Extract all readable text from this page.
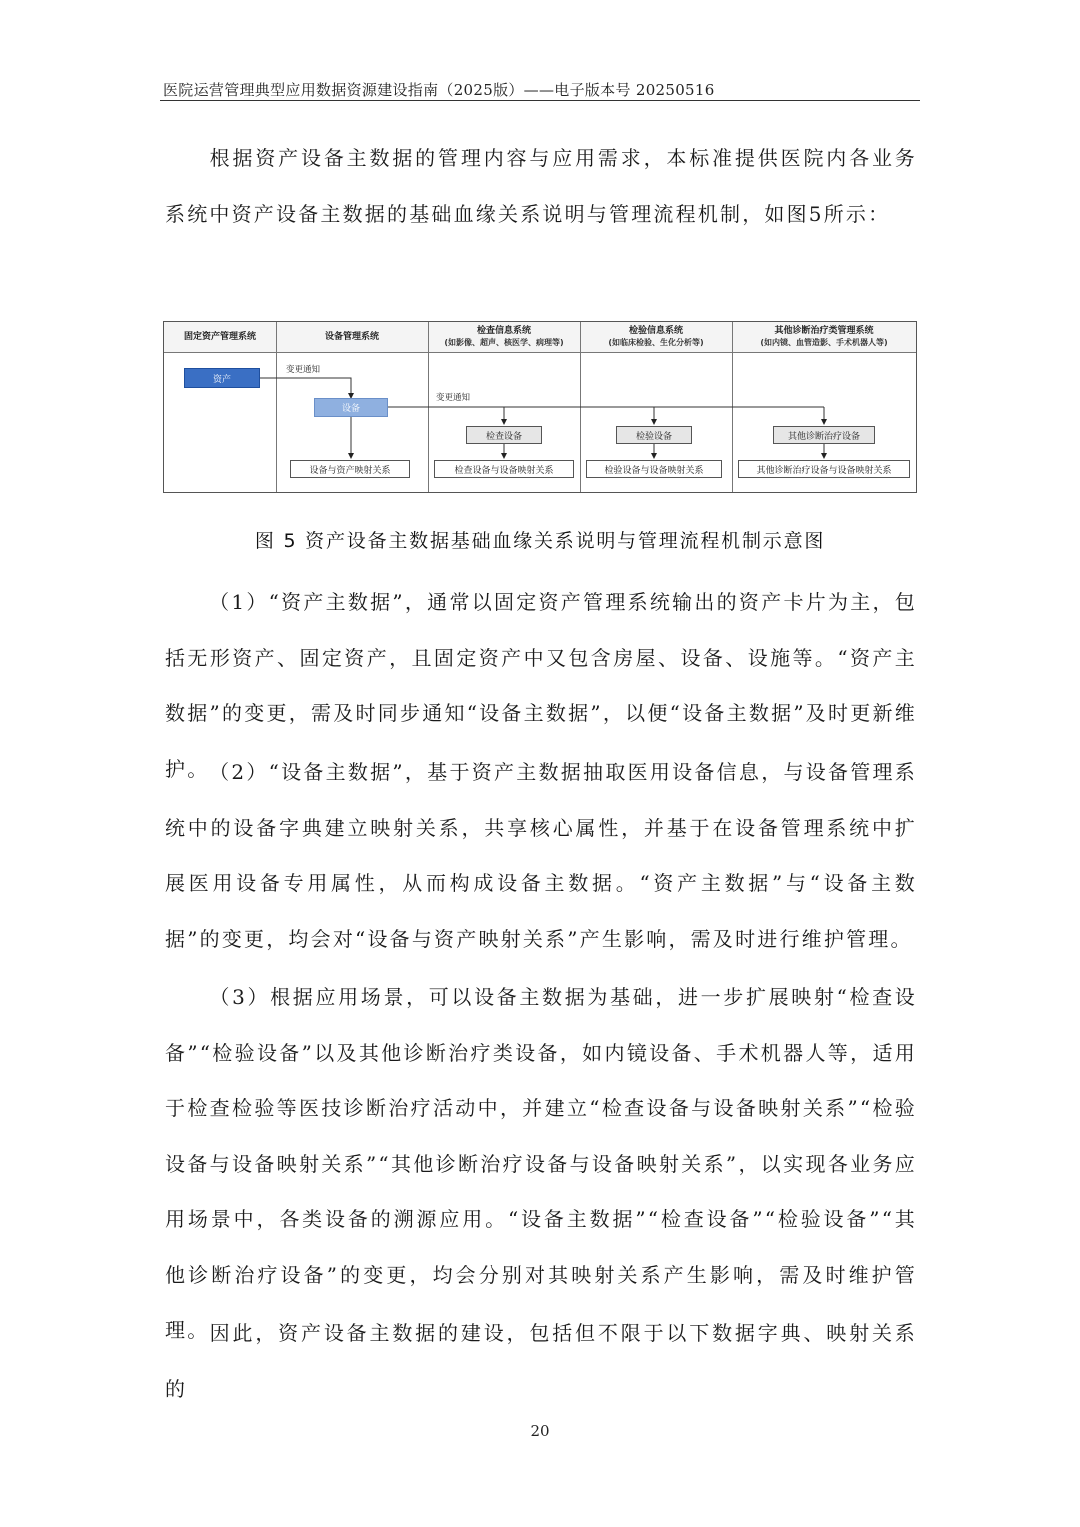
医院运营管理典型应用数据资源建设指南（2025版）——电子版本号 20250516

根据资产设备主数据的管理内容与应用需求，本标准提供医院内各业务系统中资产设备主数据的基础血缘关系说明与管理流程机制，如图5所示：

固定资产管理系统	设备管理系统
检查信息系统
(如影像、超声、核医学、病理等)
检验信息系统
(如临床检验、生化分析等)
其他诊断治疗类管理系统
(如内镜、血管造影、手术机器人等)
资产
变更通知
设备
变更通知
检查设备	检验设备	其他诊断治疗设备
设备与资产映射关系	检查设备与设备映射关系	检验设备与设备映射关系	其他诊断治疗设备与设备映射关系
图 5 资产设备主数据基础血缘关系说明与管理流程机制示意图

（1）“资产主数据”，通常以固定资产管理系统输出的资产卡片为主，包括无形资产、固定资产，且固定资产中又包含房屋、设备、设施等。“资产主数据”的变更，需及时同步通知“设备主数据”，以便“设备主数据”及时更新维护。 （2）“设备主数据”，基于资产主数据抽取医用设备信息，与设备管理系统中的设备字典建立映射关系，共享核心属性，并基于在设备管理系统中扩展医用设备专用属性，从而构成设备主数据。“资产主数据”与“设备主数据”的变更，均会对“设备与资产映射关系”产生影响，需及时进行维护管理。

（3）根据应用场景，可以设备主数据为基础，进一步扩展映射“检查设备”“检验设备”以及其他诊断治疗类设备，如内镜设备、手术机器人等，适用于检查检验等医技诊断治疗活动中，并建立“检查设备与设备映射关系”“检验设备与设备映射关系”“其他诊断治疗设备与设备映射关系”，以实现各业务应用场景中，各类设备的溯源应用。“设备主数据”“检查设备”“检验设备”“其他诊断治疗设备”的变更，均会分别对其映射关系产生影响，需及时维护管理。 因此，资产设备主数据的建设，包括但不限于以下数据字典、映射关系的

20
